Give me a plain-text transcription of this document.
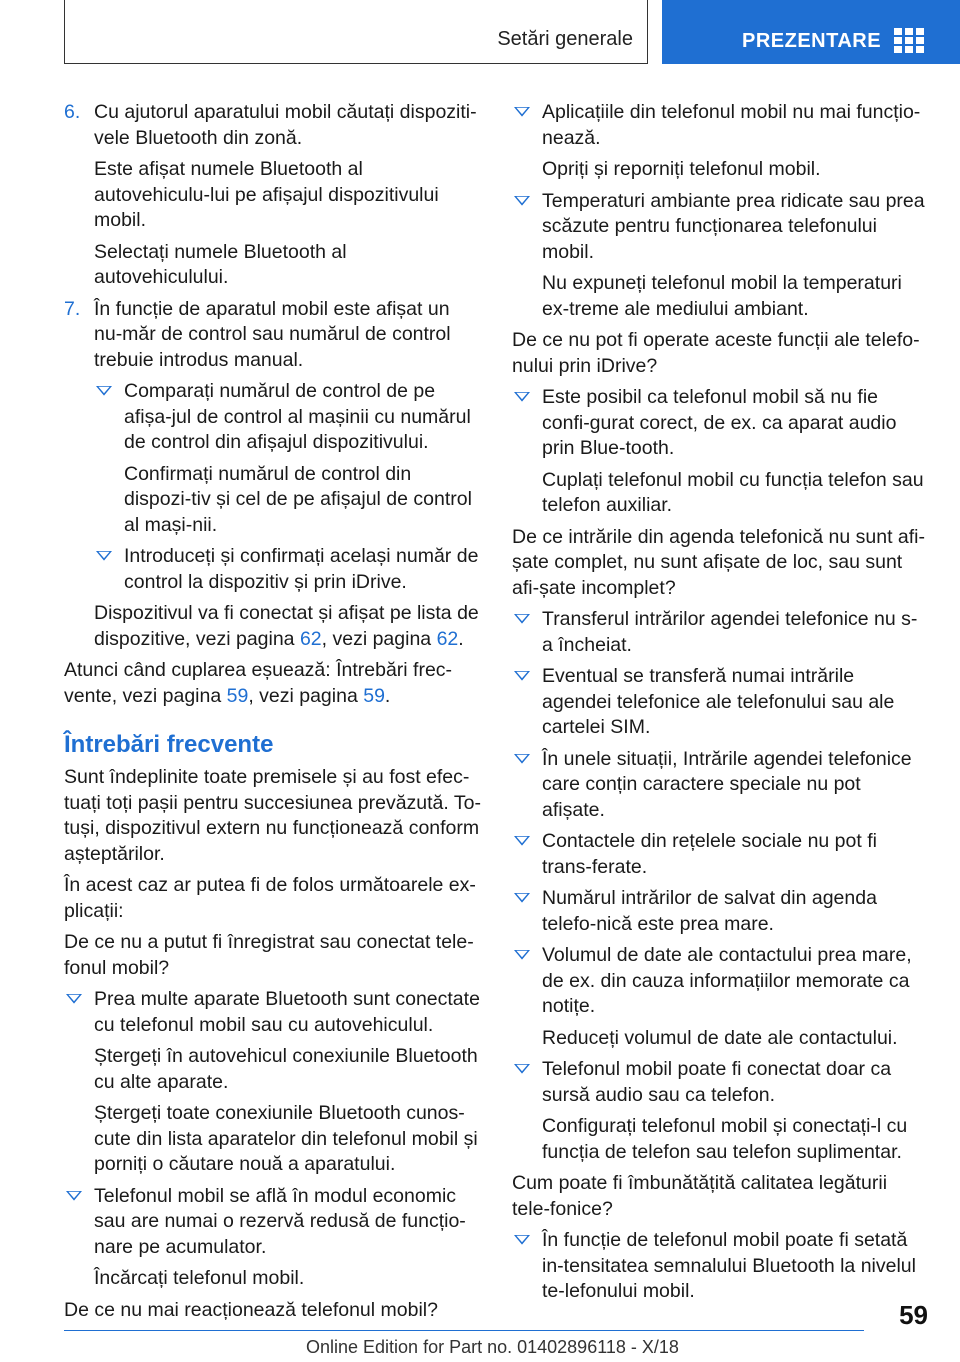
Setări generale	PREZENTARE
6. Cu ajutorul aparatului mobil căutați dispoziti‐vele Bluetooth din zonă.

Este afișat numele Bluetooth al autovehiculu‐lui pe afișajul dispozitivului mobil.

Selectați numele Bluetooth al autovehiculului.

7. În funcție de aparatul mobil este afișat un nu‐măr de control sau numărul de control trebuie introdus manual.

Comparați numărul de control de pe afișa‐jul de control al mașinii cu numărul de control din afișajul dispozitivului.

Confirmați numărul de control din dispozi‐tiv și cel de pe afișajul de control al mași‐nii.

Introduceți și confirmați același număr de control la dispozitiv și prin iDrive.

Dispozitivul va fi conectat și afișat pe lista de dispozitive, vezi pagina 62, vezi pagina 62.

Atunci când cuplarea eșuează: Întrebări frec‐vente, vezi pagina 59, vezi pagina 59.

Întrebări frecvente

Sunt îndeplinite toate premisele și au fost efec‐tuați toți pașii pentru succesiunea prevăzută. To‐tuși, dispozitivul extern nu funcționează conform așteptărilor.

În acest caz ar putea fi de folos următoarele ex‐plicații:

De ce nu a putut fi înregistrat sau conectat tele‐fonul mobil?

Prea multe aparate Bluetooth sunt conectate cu telefonul mobil sau cu autovehiculul.

Ștergeți în autovehicul conexiunile Bluetooth cu alte aparate.

Ștergeți toate conexiunile Bluetooth cunos‐cute din lista aparatelor din telefonul mobil și porniți o căutare nouă a aparatului.

Telefonul mobil se află în modul economic sau are numai o rezervă redusă de funcțio‐nare pe acumulator.

Încărcați telefonul mobil.

De ce nu mai reacționează telefonul mobil?

Aplicațiile din telefonul mobil nu mai funcțio‐nează.

Opriți și reporniți telefonul mobil.

Temperaturi ambiante prea ridicate sau prea scăzute pentru funcționarea telefonului mobil.

Nu expuneți telefonul mobil la temperaturi ex‐treme ale mediului ambiant.

De ce nu pot fi operate aceste funcții ale telefo‐nului prin iDrive?

Este posibil ca telefonul mobil să nu fie confi‐gurat corect, de ex. ca aparat audio prin Blue‐tooth.

Cuplați telefonul mobil cu funcția telefon sau telefon auxiliar.

De ce intrările din agenda telefonică nu sunt afi‐șate complet, nu sunt afișate de loc, sau sunt afi‐șate incomplet?

Transferul intrărilor agendei telefonice nu s-a încheiat.

Eventual se transferă numai intrările agendei telefonice ale telefonului sau ale cartelei SIM.

În unele situații, Intrările agendei telefonice care conțin caractere speciale nu pot afișate.

Contactele din rețelele sociale nu pot fi trans‐ferate.

Numărul intrărilor de salvat din agenda telefo‐nică este prea mare.

Volumul de date ale contactului prea mare, de ex. din cauza informațiilor memorate ca notițe.

Reduceți volumul de date ale contactului.

Telefonul mobil poate fi conectat doar ca sursă audio sau ca telefon.

Configurați telefonul mobil și conectați-l cu funcția de telefon sau telefon suplimentar.

Cum poate fi îmbunătățită calitatea legăturii tele‐fonice?

În funcție de telefonul mobil poate fi setată in‐tensitatea semnalului Bluetooth la nivelul te‐lefonului mobil.

59
Online Edition for Part no. 01402896118 - X/18
